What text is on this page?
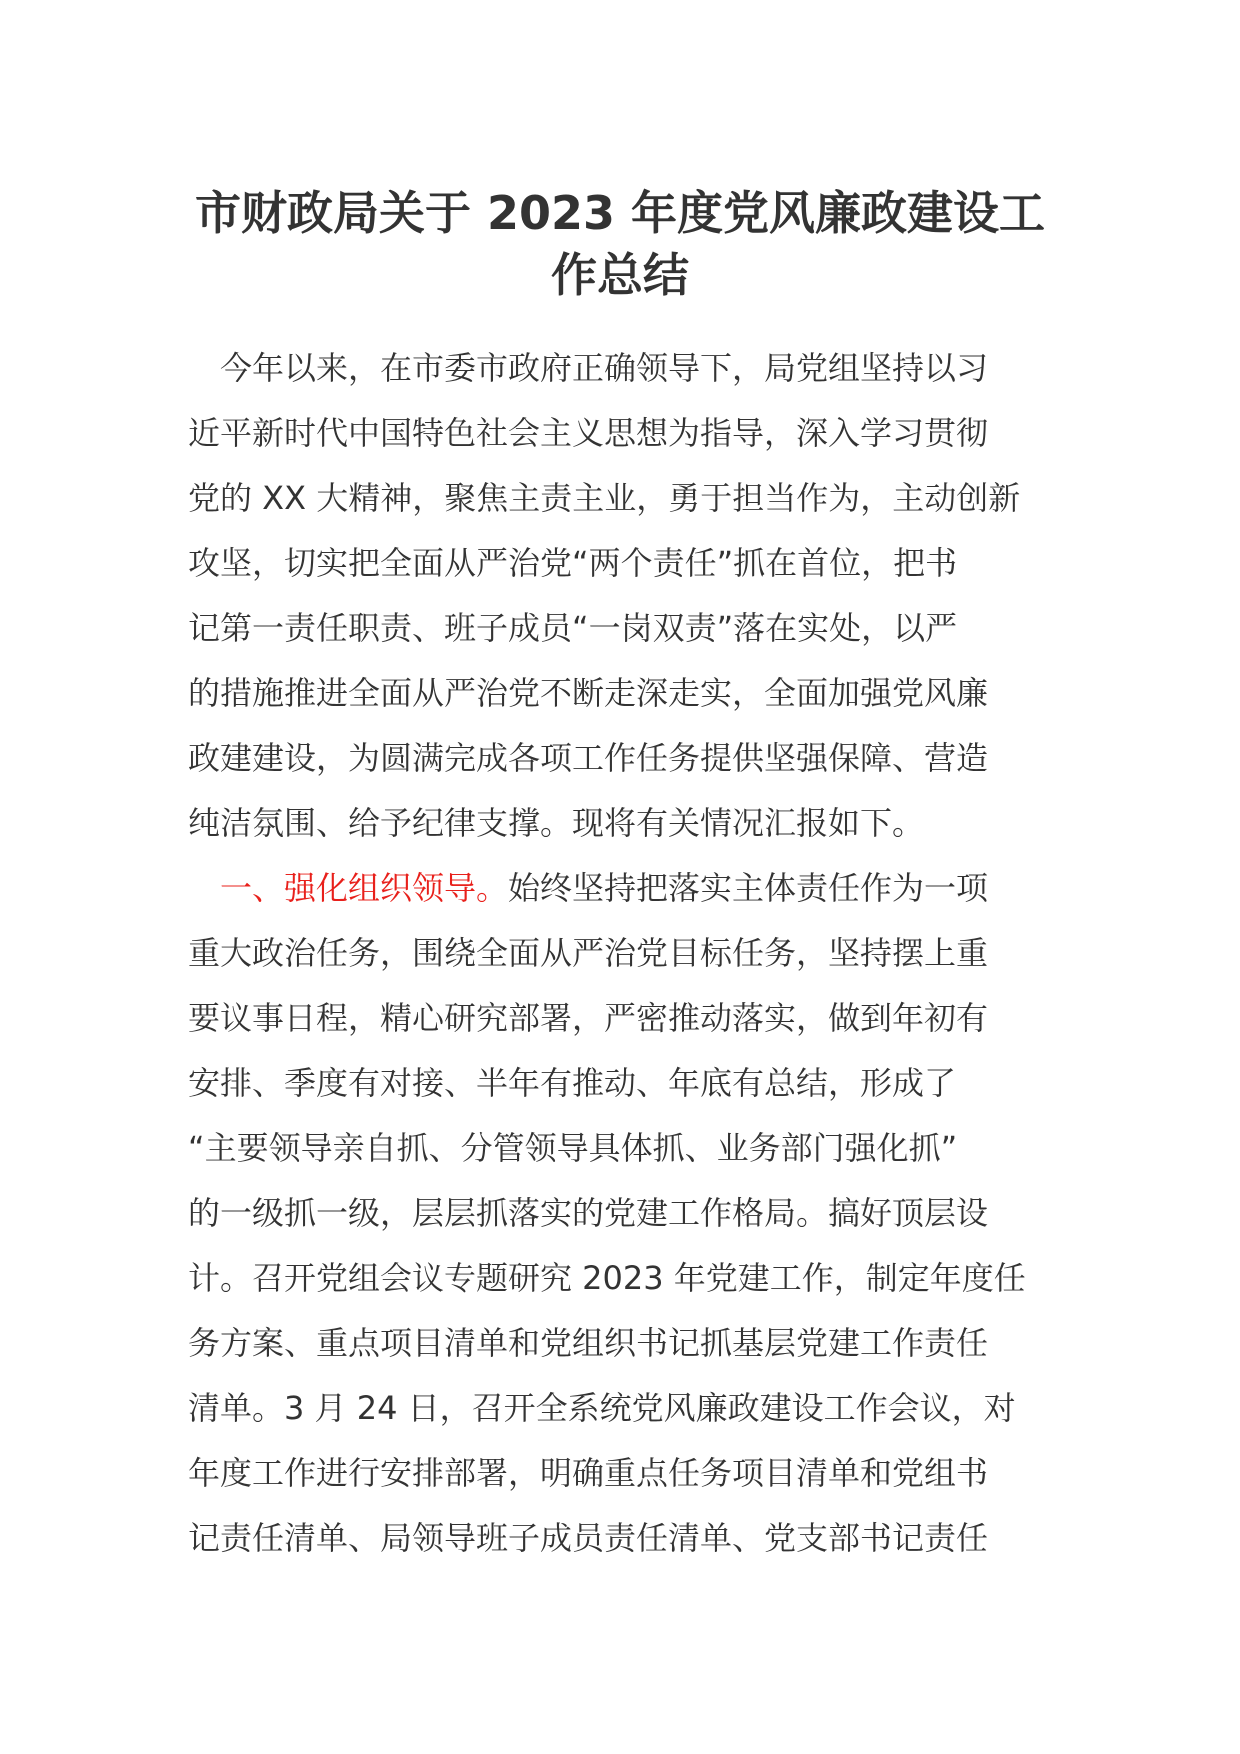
市财政局关于 2023 年度党风廉政建设工
作总结
今年以来，在市委市政府正确领导下，局党组坚持以习
近平新时代中国特色社会主义思想为指导，深入学习贯彻
党的 XX 大精神，聚焦主责主业，勇于担当作为，主动创新
攻坚，切实把全面从严治党“两个责任”抓在首位，把书
记第一责任职责、班子成员“一岗双责”落在实处，以严
的措施推进全面从严治党不断走深走实，全面加强党风廉
政建建设，为圆满完成各项工作任务提供坚强保障、营造
纯洁氛围、给予纪律支撑。现将有关情况汇报如下。
一、强化组织领导。始终坚持把落实主体责任作为一项
重大政治任务，围绕全面从严治党目标任务，坚持摆上重
要议事日程，精心研究部署，严密推动落实，做到年初有
安排、季度有对接、半年有推动、年底有总结，形成了
“主要领导亲自抓、分管领导具体抓、业务部门强化抓”
的一级抓一级，层层抓落实的党建工作格局。搞好顶层设
计。召开党组会议专题研究 2023 年党建工作，制定年度任
务方案、重点项目清单和党组织书记抓基层党建工作责任
清单。3 月 24 日，召开全系统党风廉政建设工作会议，对
年度工作进行安排部署，明确重点任务项目清单和党组书
记责任清单、局领导班子成员责任清单、党支部书记责任
